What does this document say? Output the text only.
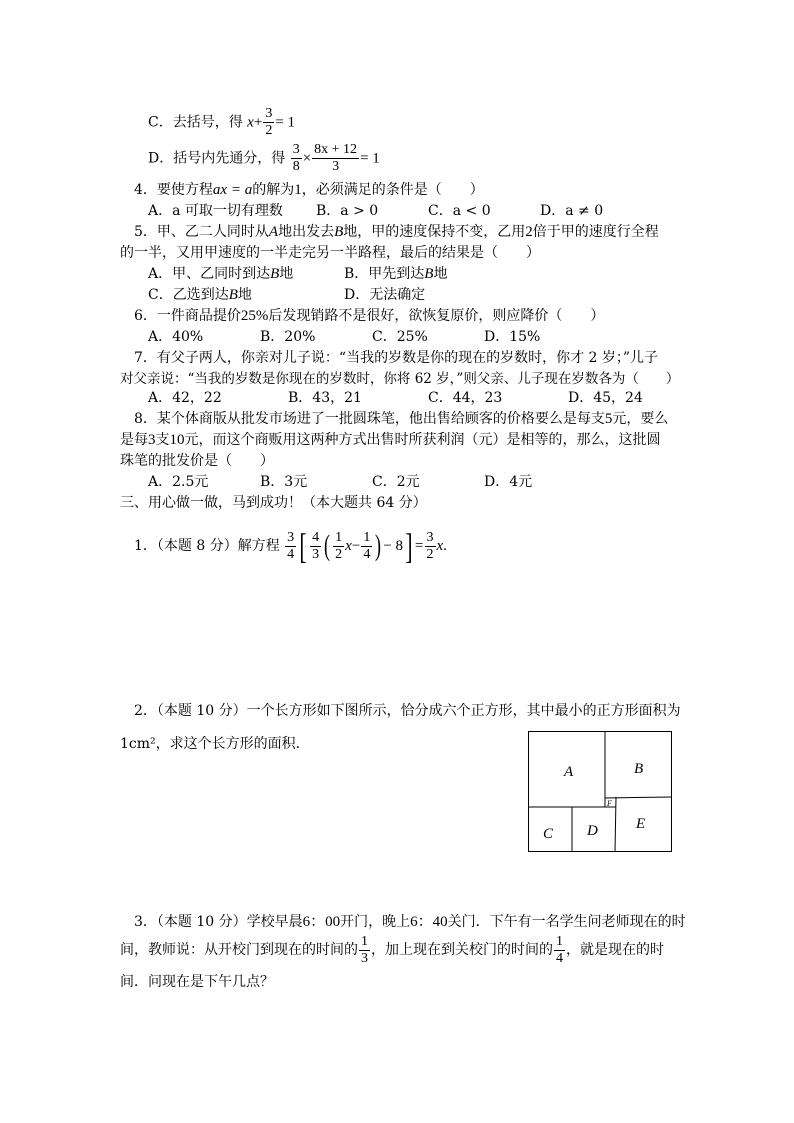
C．去括号，得 $x+ \frac{3}{2} = 1$
D．括号内先通分，得 $\frac{3}{8} \times \frac{8x + 12}{3} = 1$
4．要使方程ax = a的解为1，必须满足的条件是（　　）
A．a 可取一切有理数 B．a > 0	C．a < 0	D．a ≠ 0
5．甲、乙二人同时从A地出发去B地，甲的速度保持不变，乙用2倍于甲的速度行全程
的一半，又用甲速度的一半走完另一半路程，最后的结果是（　　）
A．甲、乙同时到达B地	B．甲先到达B地
C．乙选到达B地	D．无法确定
6．一件商品提价25%后发现销路不是很好，欲恢复原价，则应降价（　　）
A．40%	B．20%	C．25%	D．15%
7．有父子两人，你亲对儿子说：“当我的岁数是你的现在的岁数时，你才 2 岁；”儿子
对父亲说：“当我的岁数是你现在的岁数时，你将 62 岁，”则父亲、儿子现在岁数各为（　　）
A．42，22	B．43，21	C．44，23	D．45，24
8．某个体商版从批发市场进了一批圆珠笔，他出售给顾客的价格要么是每支5元，要么
是每3支10元，而这个商贩用这两种方式出售时所获利润（元）是相等的，那么，这批圆
珠笔的批发价是（　　）
A．2.5元	B．3元	C．2元	D．4元
三、用心做一做，马到成功！（本大题共 64 分）
1．（本题 8 分）解方程 $\frac{3}{4}$ [ $\frac{4}{3}$ ( $\frac{1}{2} x- \frac{1}{4}$ ) − $8] = \frac{3}{2} x$.
2．（本题 10 分）一个长方形如下图所示，恰分成六个正方形，其中最小的正方形面积为
1cm²，求这个长方形的面积．
A	B
F
C D	E
3．（本题 10 分）学校早晨6：00开门，晚上6：40关门．下午有一名学生问老师现在的时
间，教师说：从开校门到现在的时间的 $\frac{1}{3}$ ，加上现在到关校门的时间的 $\frac{1}{4}$ ，就是现在的时
间．问现在是下午几点？
